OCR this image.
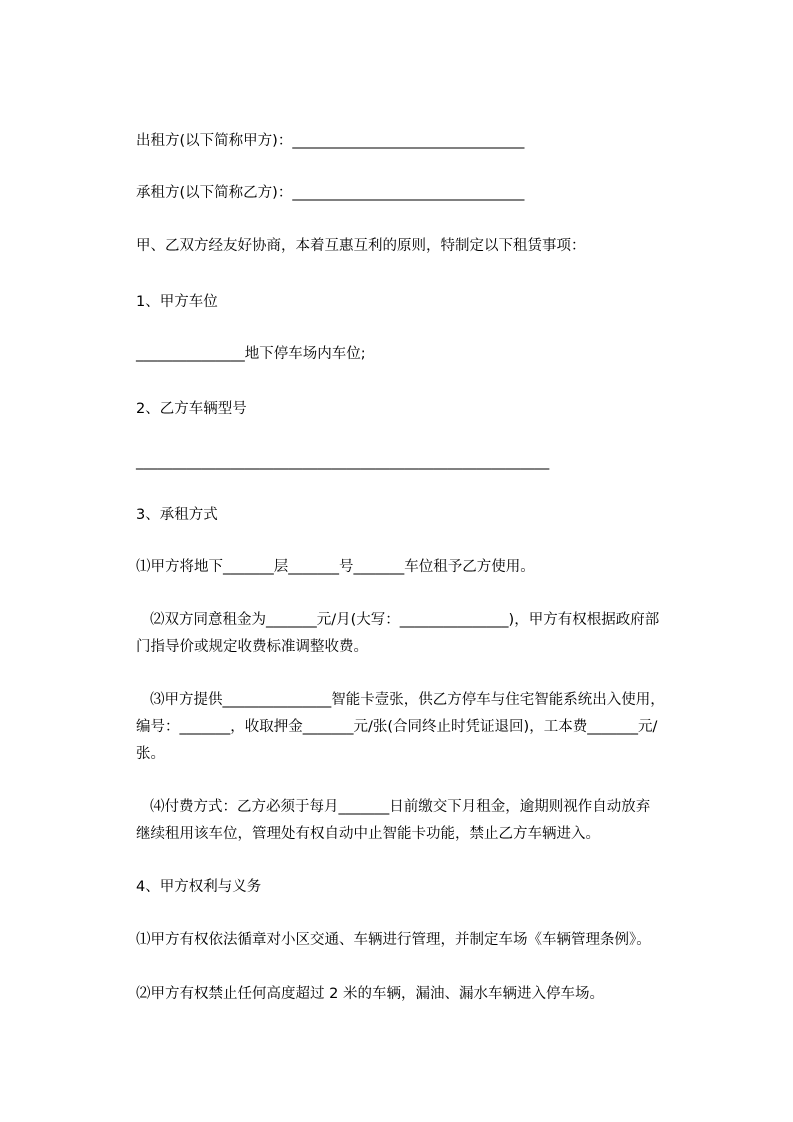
出租方(以下简称甲方)：________________________________
承租方(以下简称乙方)：________________________________
甲、乙双方经友好协商，本着互惠互利的原则，特制定以下租赁事项：
1、甲方车位
_______________地下停车场内车位;
2、乙方车辆型号
_________________________________________________________
3、承租方式
⑴甲方将地下_______层_______号_______车位租予乙方使用。
⑵双方同意租金为_______元/月(大写：_______________)，甲方有权根据政府部
门指导价或规定收费标准调整收费。
⑶甲方提供_______________智能卡壹张，供乙方停车与住宅智能系统出入使用，
编号：_______，收取押金_______元/张(合同终止时凭证退回)，工本费_______元/
张。
⑷付费方式：乙方必须于每月_______日前缴交下月租金，逾期则视作自动放弃
继续租用该车位，管理处有权自动中止智能卡功能，禁止乙方车辆进入。
4、甲方权利与义务
⑴甲方有权依法循章对小区交通、车辆进行管理，并制定车场《车辆管理条例》。
⑵甲方有权禁止任何高度超过 2 米的车辆，漏油、漏水车辆进入停车场。
